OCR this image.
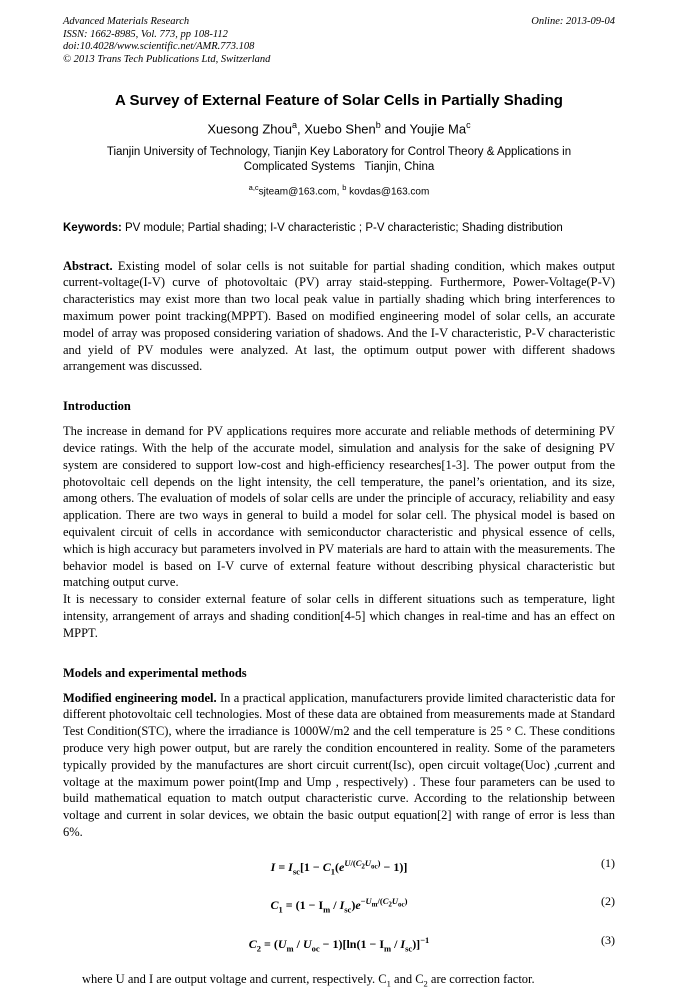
Advanced Materials Research	Online: 2013-09-04
ISSN: 1662-8985, Vol. 773, pp 108-112
doi:10.4028/www.scientific.net/AMR.773.108
© 2013 Trans Tech Publications Ltd, Switzerland
A Survey of External Feature of Solar Cells in Partially Shading
Xuesong Zhou$^a$, Xuebo Shen$^b$ and Youjie Ma$^c$
Tianjin University of Technology, Tianjin Key Laboratory for Control Theory & Applications in
Complicated Systems   Tianjin, China
$^{a,c}$sjteam@163.com, $^b$ kovdas@163.com

Keywords: PV module; Partial shading; I-V characteristic ; P-V characteristic; Shading distribution

Abstract. Existing model of solar cells is not suitable for partial shading condition, which makes output current-voltage(I-V) curve of photovoltaic (PV) array staid-stepping. Furthermore, Power-Voltage(P-V) characteristics may exist more than two local peak value in partially shading which bring interferences to maximum power point tracking(MPPT). Based on modified engineering model of solar cells, an accurate model of array was proposed considering variation of shadows. And the I-V characteristic, P-V characteristic and yield of PV modules were analyzed. At last, the optimum output power with different shadows arrangement was discussed.

Introduction

The increase in demand for PV applications requires more accurate and reliable methods of determining PV device ratings. With the help of the accurate model, simulation and analysis for the sake of designing PV system are considered to support low-cost and high-efficiency researches[1-3]. The power output from the photovoltaic cell depends on the light intensity, the cell temperature, the panel’s orientation, and its size, among others. The evaluation of models of solar cells are under the principle of accuracy, reliability and easy application. There are two ways in general to build a model for solar cell. The physical model is based on equivalent circuit of cells in accordance with semiconductor characteristic and physical essence of cells, which is high accuracy but parameters involved in PV materials are hard to attain with the measurements. The behavior model is based on I-V curve of external feature without describing physical characteristic but matching output curve.

It is necessary to consider external feature of solar cells in different situations such as temperature, light intensity, arrangement of arrays and shading condition[4-5] which changes in real-time and has an effect on MPPT.

Models and experimental methods

Modified engineering model. In a practical application, manufacturers provide limited characteristic data for different photovoltaic cell technologies. Most of these data are obtained from measurements made at Standard Test Condition(STC), where the irradiance is 1000W/m2 and the cell temperature is 25 ° C. These conditions produce very high power output, but are rarely the condition encountered in reality. Some of the parameters typically provided by the manufactures are short circuit current(Isc), open circuit voltage(Uoc) ,current and voltage at the maximum power point(Imp and Ump , respectively) . These four parameters can be used to build mathematical equation to match output characteristic curve. According to the relationship between voltage and current in solar devices, we obtain the basic output equation[2] with range of error is less than 6%.

$I = I_{sc}[1 - C_1(e^{U/(C_2U_{oc})} - 1)]$	(1)
$C_1 = (1 - I_m / I_{sc})e^{-U_m/(C_2U_{oc})}$	(2)
$C_2 = (U_m / U_{oc} - 1)[\ln(1 - I_m / I_{sc})]^{-1}$	(3)

where U and I are output voltage and current, respectively. $C_1$ and $C_2$ are correction factor.
